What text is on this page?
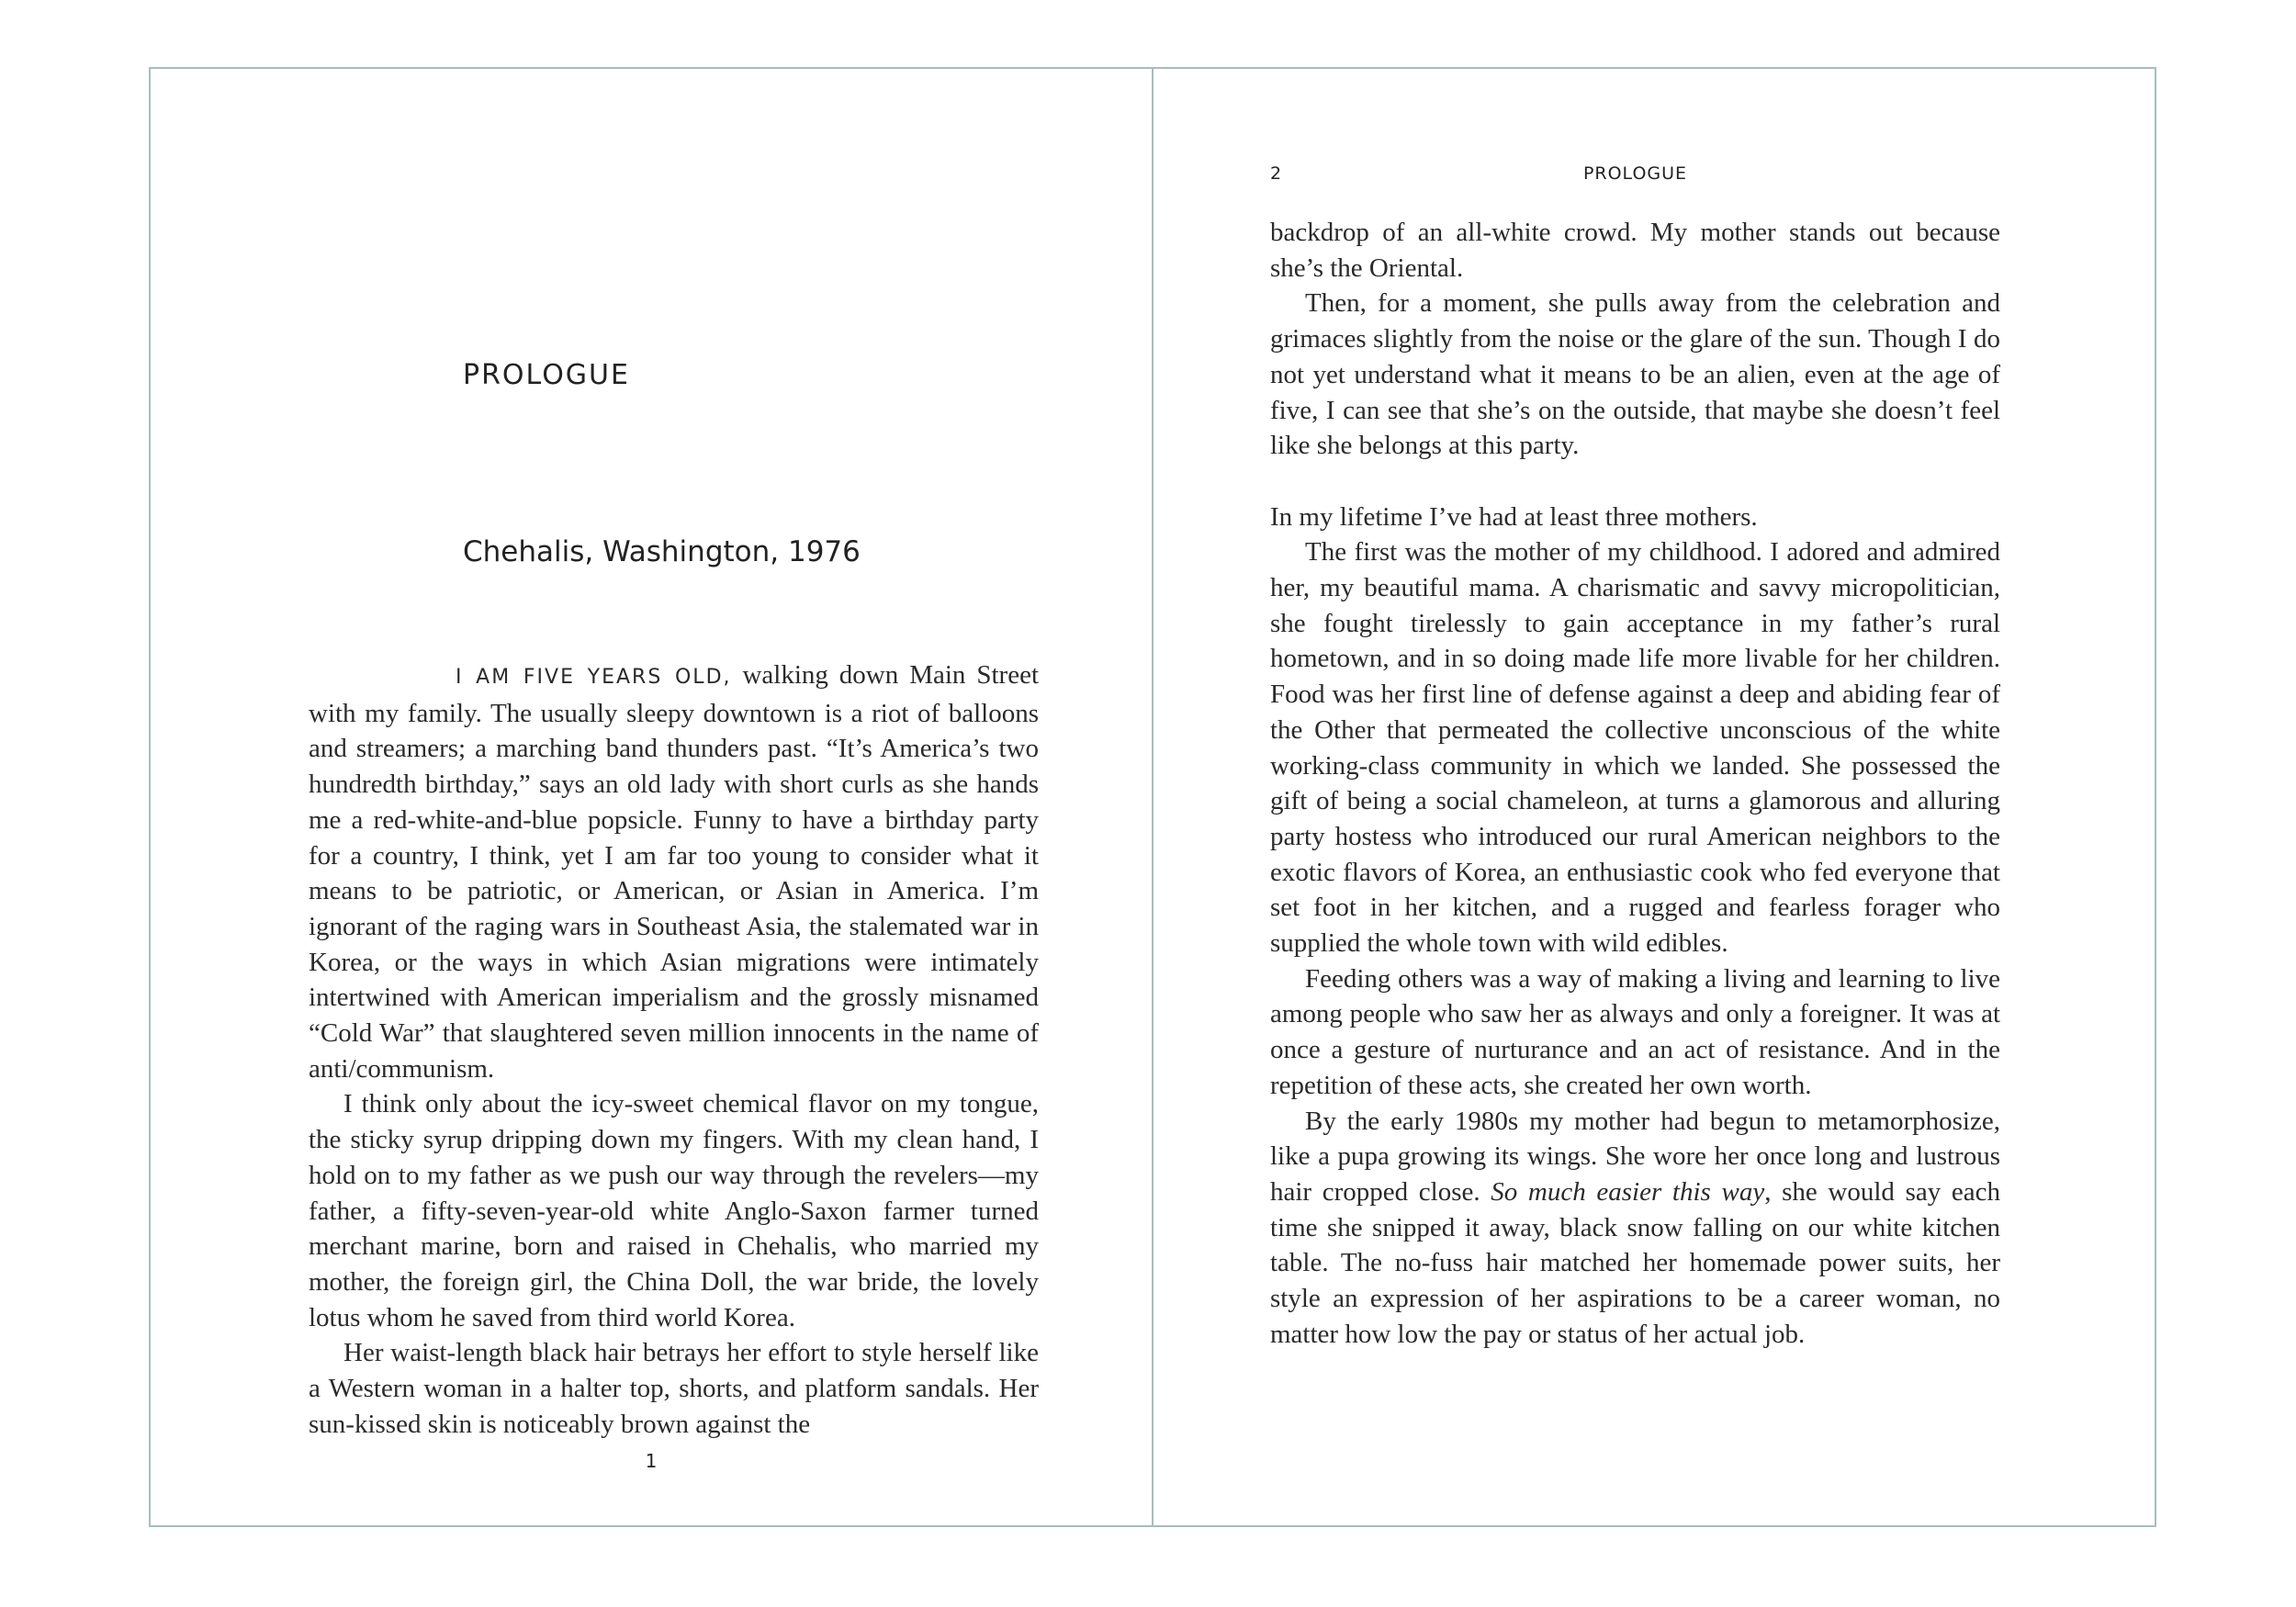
PROLOGUE
Chehalis, Washington, 1976

I AM FIVE YEARS OLD, walking down Main Street with my family. The usually sleepy downtown is a riot of balloons and streamers; a marching band thunders past. “It’s America’s two hundredth birthday,” says an old lady with short curls as she hands me a red-white-and-blue popsicle. Funny to have a birthday party for a country, I think, yet I am far too young to consider what it means to be patriotic, or American, or Asian in America. I’m ignorant of the raging wars in Southeast Asia, the stalemated war in Korea, or the ways in which Asian migrations were intimately intertwined with American imperialism and the grossly misnamed “Cold War” that slaughtered seven million innocents in the name of anti/communism.

I think only about the icy-sweet chemical flavor on my tongue, the sticky syrup dripping down my fingers. With my clean hand, I hold on to my father as we push our way through the revelers—my father, a fifty-seven-year-old white Anglo-Saxon farmer turned merchant marine, born and raised in Chehalis, who married my mother, the foreign girl, the China Doll, the war bride, the lovely lotus whom he saved from third world Korea.

Her waist-length black hair betrays her effort to style herself like a Western woman in a halter top, shorts, and platform sandals. Her sun-kissed skin is noticeably brown against the

1
2	PROLOGUE

backdrop of an all-white crowd. My mother stands out because she’s the Oriental.

Then, for a moment, she pulls away from the celebration and grimaces slightly from the noise or the glare of the sun. Though I do not yet understand what it means to be an alien, even at the age of five, I can see that she’s on the outside, that maybe she doesn’t feel like she belongs at this party.

In my lifetime I’ve had at least three mothers.

The first was the mother of my childhood. I adored and admired her, my beautiful mama. A charismatic and savvy micropolitician, she fought tirelessly to gain acceptance in my father’s rural hometown, and in so doing made life more livable for her children. Food was her first line of defense against a deep and abiding fear of the Other that permeated the collective unconscious of the white working-class community in which we landed. She possessed the gift of being a social chameleon, at turns a glamorous and alluring party hostess who introduced our rural American neighbors to the exotic flavors of Korea, an enthusiastic cook who fed everyone that set foot in her kitchen, and a rugged and fearless forager who supplied the whole town with wild edibles.

Feeding others was a way of making a living and learning to live among people who saw her as always and only a foreigner. It was at once a gesture of nurturance and an act of resistance. And in the repetition of these acts, she created her own worth.

By the early 1980s my mother had begun to metamorphosize, like a pupa growing its wings. She wore her once long and lustrous hair cropped close. So much easier this way, she would say each time she snipped it away, black snow falling on our white kitchen table. The no-fuss hair matched her homemade power suits, her style an expression of her aspirations to be a career woman, no matter how low the pay or status of her actual job.
